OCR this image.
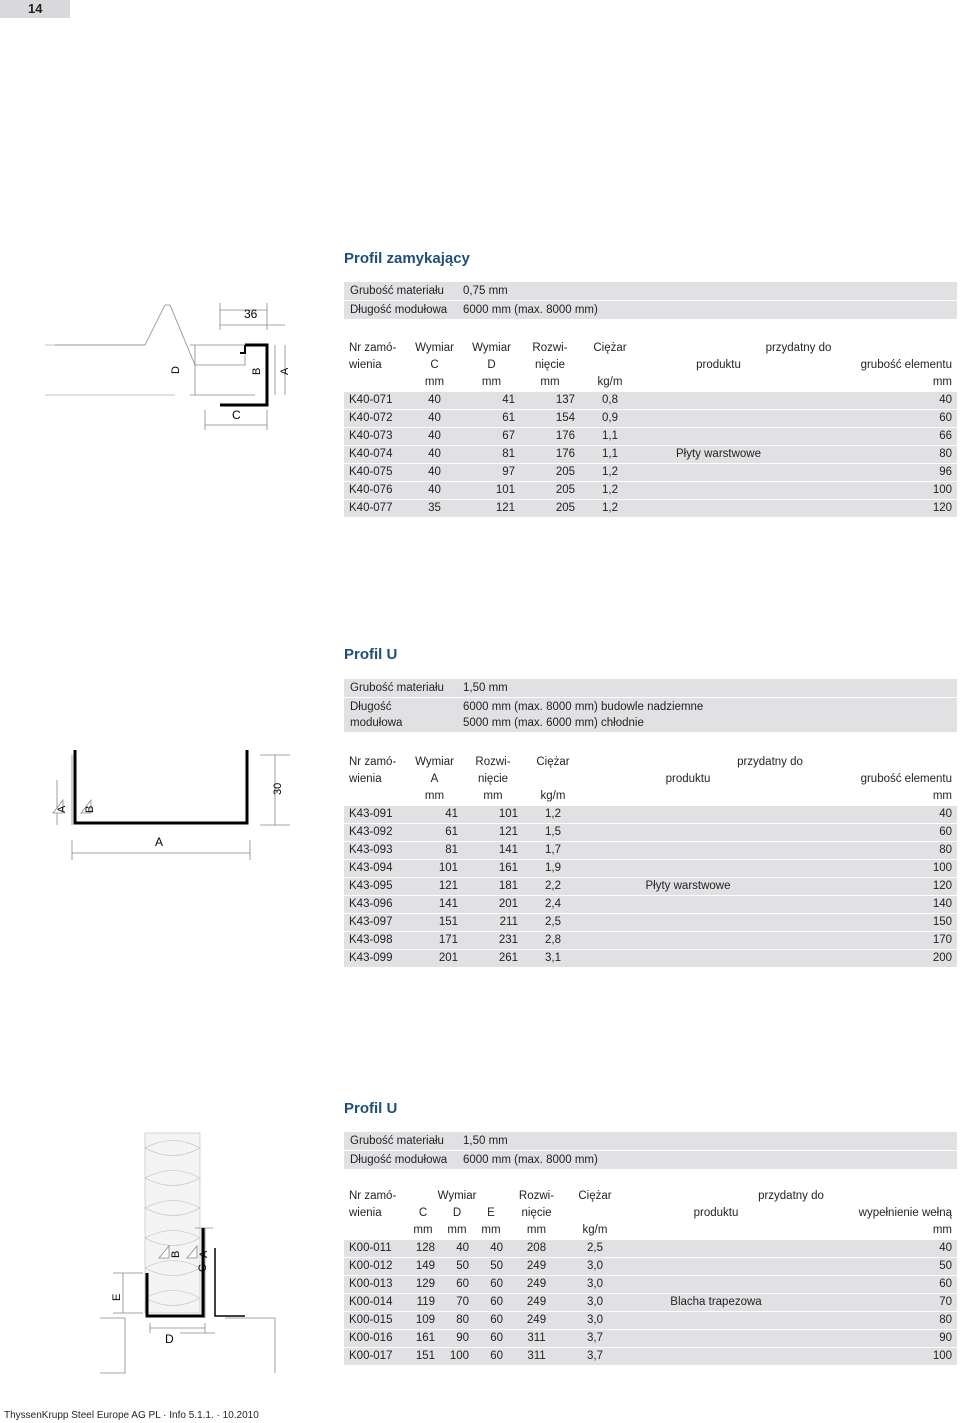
14
Profil zamykający
Grubość materiału 0,75 mm
Długość modułowa 6000 mm (max. 8000 mm)
Nr zamó-	Wymiar	Wymiar	Rozwi-	Ciężar	przydatny do	
wienia	C	D	nięcie		produktu	grubość elementu
	mm	mm	mm	kg/m		mm
K40-071	40	41	137	0,8		40
K40-072	40	61	154	0,9		60
K40-073	40	67	176	1,1		66
K40-074	40	81	176	1,1	Płyty warstwowe	80
K40-075	40	97	205	1,2		96
K40-076	40	101	205	1,2		100
K40-077	35	121	205	1,2		120
36
D	B A
C
Profil U
Grubość materiału 1,50 mm
Długość
modułowa
6000 mm (max. 8000 mm) budowle nadziemne
5000 mm (max. 6000 mm) chłodnie
Nr zamó-	Wymiar	Rozwi-	Ciężar	przydatny do	
wienia	A	nięcie		produktu	grubość elementu
	mm	mm	kg/m		mm
K43-091	41	101	1,2		40
K43-092	61	121	1,5		60
K43-093	81	141	1,7		80
K43-094	101	161	1,9		100
K43-095	121	181	2,2	Płyty warstwowe	120
K43-096	141	201	2,4		140
K43-097	151	211	2,5		150
K43-098	171	231	2,8		170
K43-099	201	261	3,1		200
A B
A
30
Profil U
Grubość materiału 1,50 mm
Długość modułowa 6000 mm (max. 8000 mm)
Nr zamó-	Wymiar			Rozwi-	Ciężar	przydatny do	
wienia	C	D	E	nięcie		produktu	wypełnienie wełną
	mm	mm	mm	mm	kg/m		mm
K00-011	128	40	40	208	2,5		40
K00-012	149	50	50	249	3,0		50
K00-013	129	60	60	249	3,0		60
K00-014	119	70	60	249	3,0	Blacha trapezowa	70
K00-015	109	80	60	249	3,0		80
K00-016	161	90	60	311	3,7		90
K00-017	151	100	60	311	3,7		100
E
B
C
A
D
ThyssenKrupp Steel Europe AG PL · Info 5.1.1. · 10.2010
